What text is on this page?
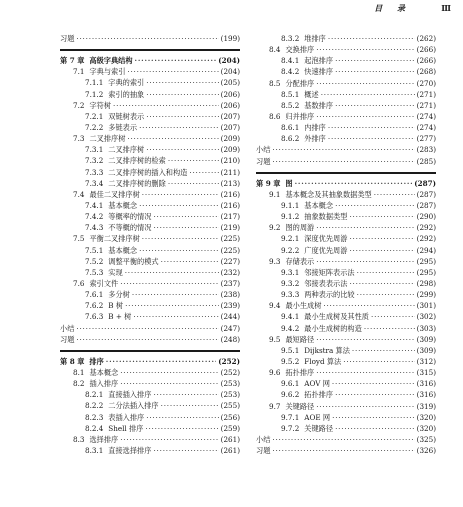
目 录	Ⅲ
习题 ·····	(199)
第 7 章 高级字典结构 ·····	(204)
7.1 字典与索引 ·····	(204)
7.1.1 字典的索引 ·····	(205)
7.1.2 索引的抽象 ·····	(206)
7.2 字符树 ·····	(206)
7.2.1 双链树表示 ·····	(207)
7.2.2 多链表示 ·····	(207)
7.3 二叉排序树 ·····	(209)
7.3.1 二叉排序树 ·····	(209)
7.3.2 二叉排序树的检索 ·····	(210)
7.3.3 二叉排序树的插入和构造 ·····	(211)
7.3.4 二叉排序树的删除 ·····	(213)
7.4 最佳二叉排序树 ·····	(216)
7.4.1 基本概念 ·····	(216)
7.4.2 等概率的情况 ·····	(217)
7.4.3 不等概的情况 ·····	(219)
7.5 平衡二叉排序树 ·····	(225)
7.5.1 基本概念 ·····	(225)
7.5.2 调整平衡的模式 ·····	(227)
7.5.3 实现 ·····	(232)
7.6 索引文件 ·····	(237)
7.6.1 多分树 ·····	(238)
7.6.2 B 树 ·····	(239)
7.6.3 B + 树 ·····	(244)
小结 ·····	(247)
习题 ·····	(248)
第 8 章 排序 ·····	(252)
8.1 基本概念 ·····	(252)
8.2 插入排序 ·····	(253)
8.2.1 直接插入排序 ·····	(253)
8.2.2 二分法插入排序 ·····	(255)
8.2.3 表插入排序 ·····	(256)
8.2.4 Shell 排序 ·····	(259)
8.3 选择排序 ·····	(261)
8.3.1 直接选择排序 ·····	(261)
8.3.2 堆排序 ·····	(262)
8.4 交换排序 ·····	(266)
8.4.1 起泡排序 ·····	(266)
8.4.2 快速排序 ·····	(268)
8.5 分配排序 ·····	(270)
8.5.1 概述 ·····	(271)
8.5.2 基数排序 ·····	(271)
8.6 归并排序 ·····	(274)
8.6.1 内排序 ·····	(274)
8.6.2 外排序 ·····	(277)
小结 ·····	(283)
习题 ·····	(285)
第 9 章 图 ·····	(287)
9.1 基本概念及其抽象数据类型 ·····	(287)
9.1.1 基本概念 ·····	(287)
9.1.2 抽象数据类型 ·····	(290)
9.2 图的周游 ·····	(292)
9.2.1 深度优先周游 ·····	(292)
9.2.2 广度优先周游 ·····	(294)
9.3 存储表示 ·····	(295)
9.3.1 邻接矩阵表示法 ·····	(295)
9.3.2 邻接表表示法 ·····	(298)
9.3.3 两种表示的比较 ·····	(299)
9.4 最小生成树 ·····	(301)
9.4.1 最小生成树及其性质 ·····	(302)
9.4.2 最小生成树的构造 ·····	(303)
9.5 最短路径 ·····	(309)
9.5.1 Dijkstra 算法 ·····	(309)
9.5.2 Floyd 算法 ·····	(312)
9.6 拓扑排序 ·····	(315)
9.6.1 AOV 网 ·····	(316)
9.6.2 拓扑排序 ·····	(316)
9.7 关键路径 ·····	(319)
9.7.1 AOE 网 ·····	(320)
9.7.2 关键路径 ·····	(320)
小结 ·····	(325)
习题 ·····	(326)
